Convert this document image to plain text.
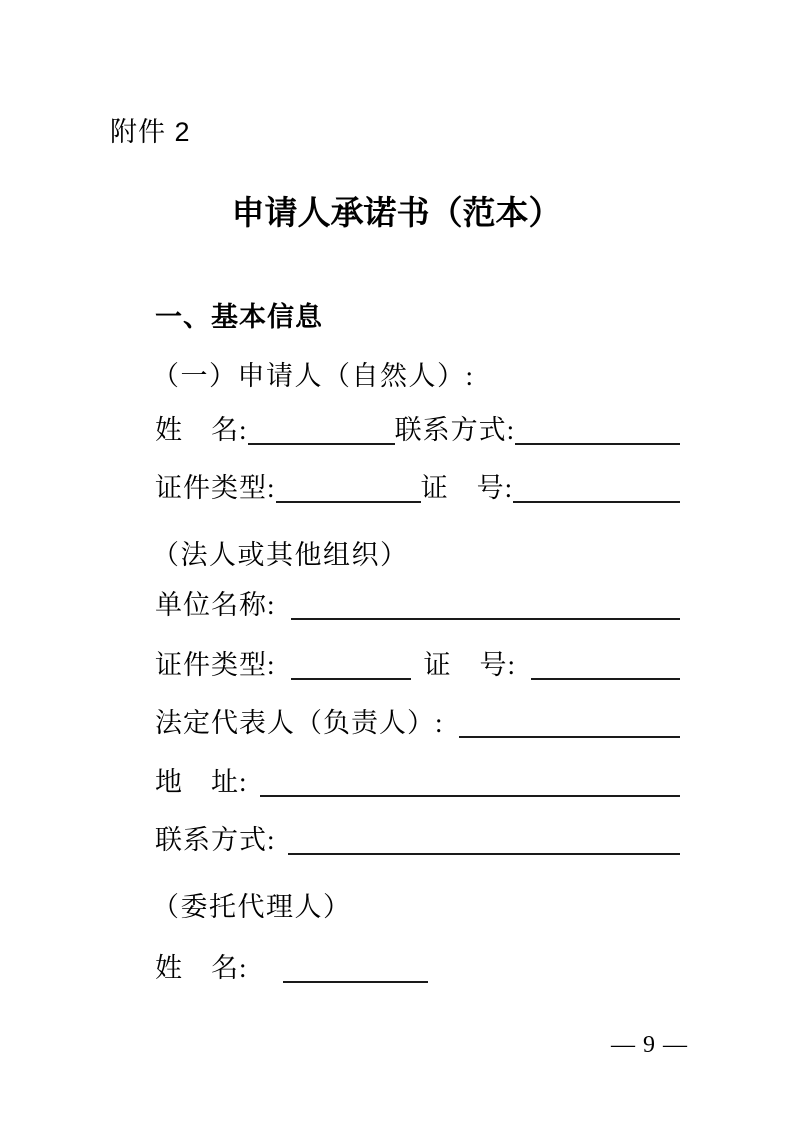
附件 2
申请人承诺书（范本）
一、基本信息
（一）申请人（自然人）:
姓　名:	联系方式:
证件类型:	证　号:
（法人或其他组织）
单位名称:
证件类型:	证　号:
法定代表人（负责人）:
地　址:
联系方式:
（委托代理人）
姓　名:
— 9 —
